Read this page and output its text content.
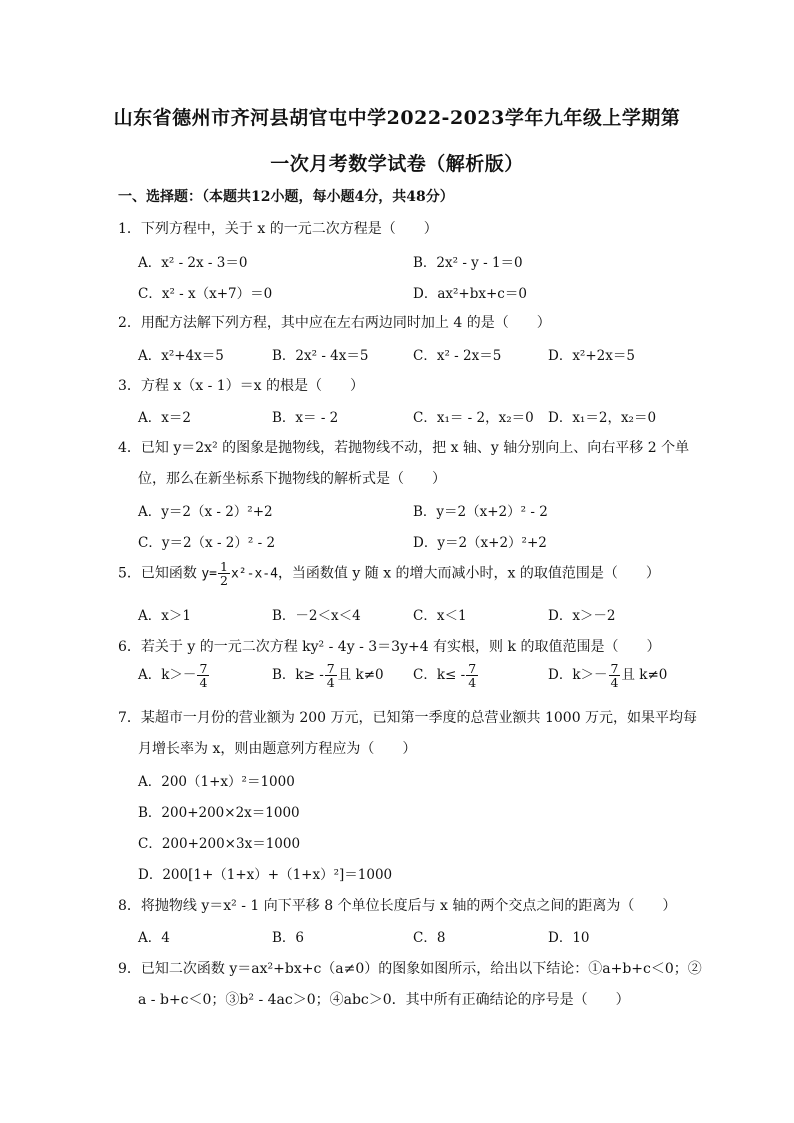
山东省德州市齐河县胡官屯中学2022-2023学年九年级上学期第
一次月考数学试卷（解析版）
一、选择题：（本题共12小题，每小题4分，共48分）
1．下列方程中，关于 x 的一元二次方程是（　　）
A．x² - 2x - 3＝0	B．2x² - y - 1＝0
C．x² - x（x+7）＝0	D．ax²+bx+c＝0
2．用配方法解下列方程，其中应在左右两边同时加上 4 的是（　　）
A．x²+4x＝5	B．2x² - 4x＝5	C．x² - 2x＝5	D．x²+2x＝5
3．方程 x（x - 1）＝x 的根是（　　）
A．x＝2	B．x＝ - 2	C．x₁＝ - 2，x₂＝0 D．x₁＝2，x₂＝0
4．已知 y＝2x² 的图象是抛物线，若抛物线不动，把 x 轴、y 轴分别向上、向右平移 2 个单
位，那么在新坐标系下抛物线的解析式是（　　）
A．y＝2（x - 2）²+2	B．y＝2（x+2）² - 2
C．y＝2（x - 2）² - 2	D．y＝2（x+2）²+2
5．已知函数 $y= \frac{1}{2} x^2-x-4$，当函数值 y 随 x 的增大而减小时，x 的取值范围是（　　）
A．x＞1	B．－2＜x＜4	C．x＜1	D．x＞－2
6．若关于 y 的一元二次方程 ky² - 4y - 3＝3y+4 有实根，则 k 的取值范围是（　　）
A．$k>- \frac{7}{4}$	B．$k\ge - \frac{7}{4}$ 且 k≠0 C．$k\le - \frac{7}{4}$	D．$k>- \frac{7}{4}$ 且 k≠0
7．某超市一月份的营业额为 200 万元，已知第一季度的总营业额共 1000 万元，如果平均每
月增长率为 x，则由题意列方程应为（　　）
A．200（1+x）²＝1000
B．200+200×2x＝1000
C．200+200×3x＝1000
D．200[1+（1+x）+（1+x）²]＝1000
8．将抛物线 y＝x² - 1 向下平移 8 个单位长度后与 x 轴的两个交点之间的距离为（　　）
A．4	B．6	C．8	D．10
9．已知二次函数 y＝ax²+bx+c（a≠0）的图象如图所示，给出以下结论：①a+b+c＜0；②
a - b+c＜0；③b² - 4ac＞0；④abc＞0．其中所有正确结论的序号是（　　）
